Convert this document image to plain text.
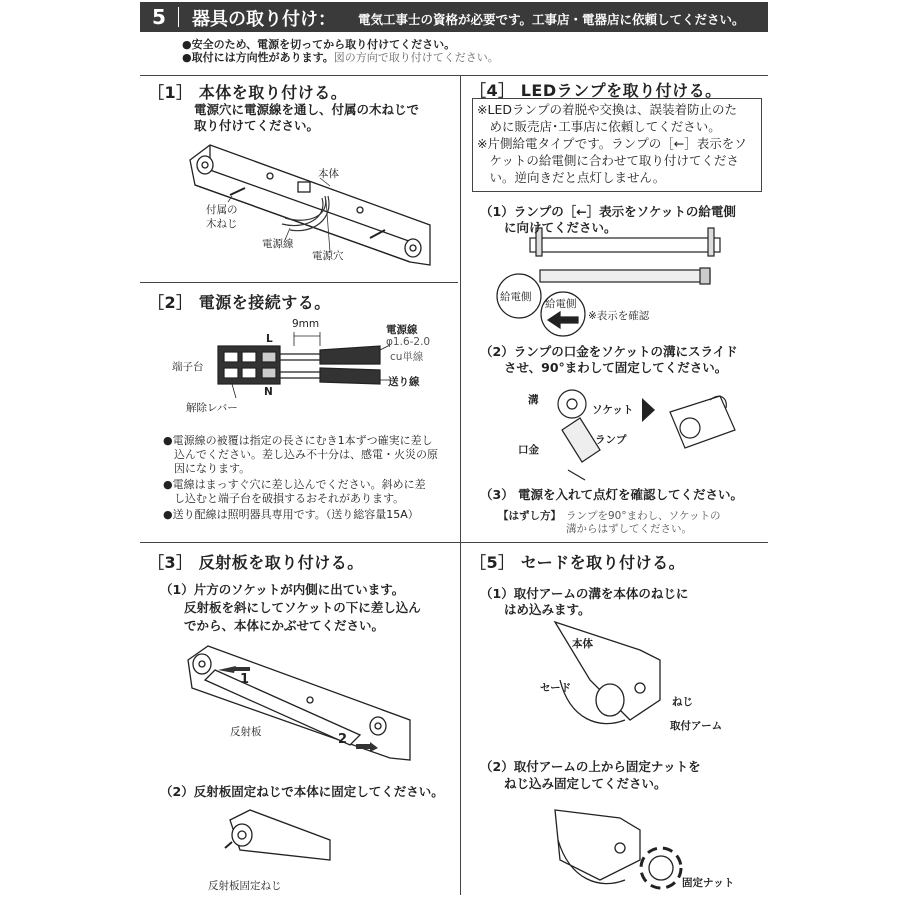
5 器具の取り付け： 電気工事士の資格が必要です。工事店・電器店に依頼してください。
●安全のため、電源を切ってから取り付けてください。
●取付には方向性があります。図の方向で取り付けてください。
［1］ 本体を取り付ける。
電源穴に電源線を通し、付属の木ねじで
取り付けてください。
本体
付属の
木ねじ
電源線
電源穴
［2］ 電源を接続する。
9mm
L
N
端子台
解除レバー
電源線
φ1.6-2.0
cu単線
送り線
●電源線の被覆は指定の長さにむき1本ずつ確実に差し
込んでください。差し込み不十分は、感電・火災の原
因になります。
●電線はまっすぐ穴に差し込んでください。斜めに差
し込むと端子台を破損するおそれがあります。
●送り配線は照明器具専用です。（送り総容量15A）
［3］ 反射板を取り付ける。
（1）片方のソケットが内側に出ています。
反射板を斜にしてソケットの下に差し込ん
でから、本体にかぶせてください。
1
2
反射板
（2）反射板固定ねじで本体に固定してください。
反射板固定ねじ
［4］ LEDランプを取り付ける。
※LEDランプの着脱や交換は、誤装着防止のた
　めに販売店･工事店に依頼してください。
※片側給電タイプです。ランプの［←］表示をソ
　ケットの給電側に合わせて取り付けてくださ
　い。逆向きだと点灯しません。
（1）ランプの［←］表示をソケットの給電側
に向けてください。
給電側
給電側
※表示を確認
（2）ランプの口金をソケットの溝にスライド
させ、90°まわして固定してください。
溝
ソケット
口金
ランプ
（3） 電源を入れて点灯を確認してください。
【はずし方】 ランプを90°まわし、ソケットの
溝からはずしてください。
［5］ セードを取り付ける。
（1）取付アームの溝を本体のねじに
はめ込みます。
本体
セード
ねじ
取付アーム
（2）取付アームの上から固定ナットを
ねじ込み固定してください。
固定ナット
